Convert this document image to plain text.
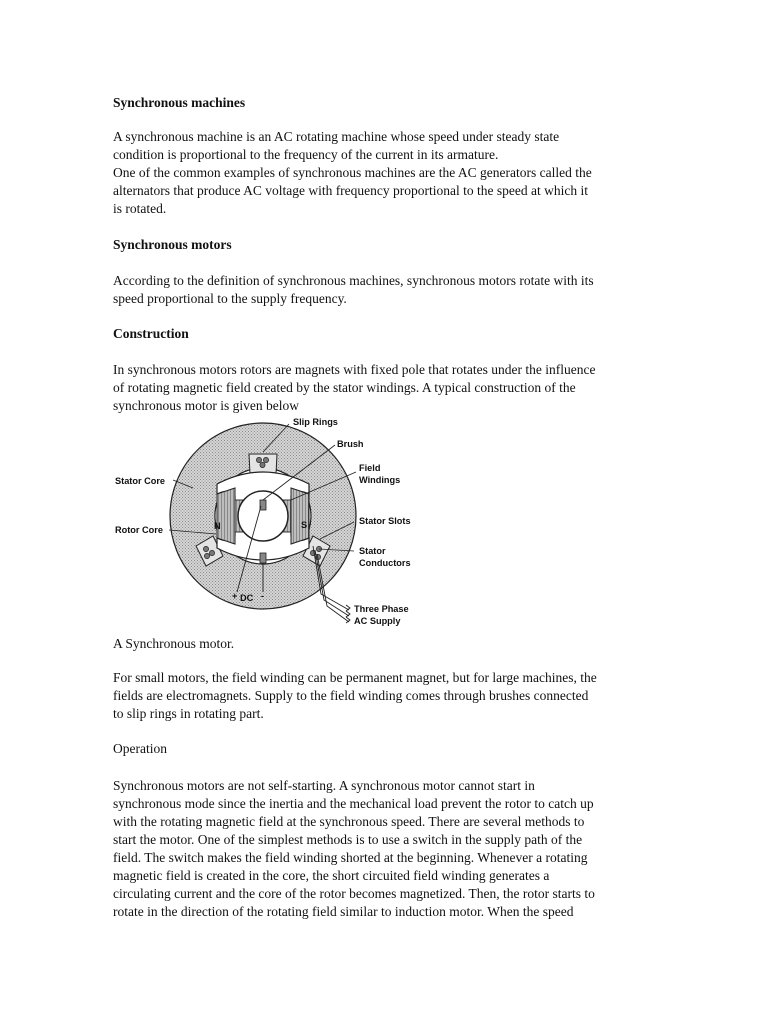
Synchronous machines
A synchronous machine is an AC rotating machine whose speed under steady state
condition is proportional to the frequency of the current in its armature.
One of the common examples of synchronous machines are the AC generators called the
alternators that produce AC voltage with frequency proportional to the speed at which it
is rotated.
Synchronous motors
According to the definition of synchronous machines, synchronous motors rotate with its
speed proportional to the supply frequency.
Construction
In synchronous motors rotors are magnets with fixed pole that rotates under the influence
of rotating magnetic field created by the stator windings. A typical construction of the
synchronous motor is given below
N	S
+ DC -
Slip Rings
Brush
Field
Windings
Stator Core
Rotor Core
Stator Slots
Stator
Conductors
Three Phase
AC Supply
A Synchronous motor.
For small motors, the field winding can be permanent magnet, but for large machines, the
fields are electromagnets. Supply to the field winding comes through brushes connected
to slip rings in rotating part.
Operation
Synchronous motors are not self-starting. A synchronous motor cannot start in
synchronous mode since the inertia and the mechanical load prevent the rotor to catch up
with the rotating magnetic field at the synchronous speed. There are several methods to
start the motor. One of the simplest methods is to use a switch in the supply path of the
field. The switch makes the field winding shorted at the beginning. Whenever a rotating
magnetic field is created in the core, the short circuited field winding generates a
circulating current and the core of the rotor becomes magnetized. Then, the rotor starts to
rotate in the direction of the rotating field similar to induction motor. When the speed
